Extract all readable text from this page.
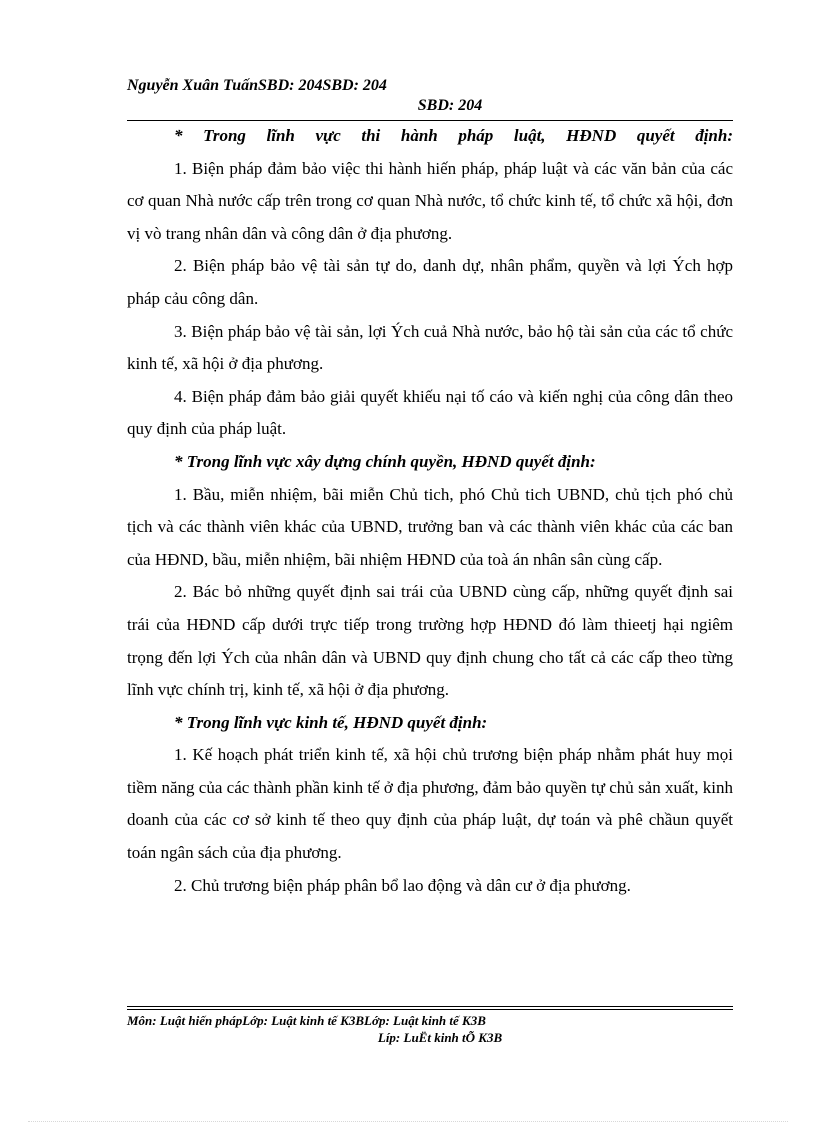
Nguyễn Xuân TuấnSBD: 204SBD: 204
SBD: 204

* Trong lĩnh vực thi hành pháp luật, HĐND quyết định:

1. Biện pháp đảm bảo việc thi hành hiến pháp, pháp luật và các văn bản của các cơ quan Nhà nước cấp trên trong cơ quan Nhà nước, tổ chức kinh tế, tổ chức xã hội, đơn vị vò trang nhân dân và công dân ở địa phương.

2. Biện pháp bảo vệ tài sản tự do, danh dự, nhân phẩm, quyền và lợi Ých hợp pháp cảu công dân.

3. Biện pháp bảo vệ tài sản, lợi Ých cuả Nhà nước, bảo hộ tài sản của các tổ chức kinh tế, xã hội ở địa phương.

4. Biện pháp đảm bảo giải quyết khiếu nại tố cáo và kiến nghị của công dân theo quy định của pháp luật.

* Trong lĩnh vực xây dựng chính quyền, HĐND quyết định:

1. Bầu, miễn nhiệm, bãi miễn Chủ tich, phó Chủ tich UBND, chủ tịch phó chủ tịch và các thành viên khác của UBND, trưởng ban và các thành viên khác của các ban của HĐND, bầu, miễn nhiệm, bãi nhiệm HĐND của toà án nhân sân cùng cấp.

2. Bác bỏ những quyết định sai trái của UBND cùng cấp, những quyết định sai trái của HĐND cấp dưới trực tiếp trong trường hợp HĐND đó làm thieetj hại ngiêm trọng đến lợi Ých của nhân dân và UBND quy định chung cho tất cả các cấp theo từng lĩnh vực chính trị, kinh tế, xã hội ở địa phương.

* Trong lĩnh vực kinh tế, HĐND quyết định:

1. Kế hoạch phát triển kinh tế, xã hội chủ trương biện pháp nhằm phát huy mọi tiềm năng của các thành phần kinh tế ở địa phương, đảm bảo quyền tự chủ sản xuất, kinh doanh của các cơ sở kinh tế theo quy định của pháp luật, dự toán và phê chầun quyết toán ngân sách của địa phương.

2. Chủ trương biện pháp phân bổ lao động và dân cư ở địa phương.

Môn: Luật hiến phápLớp: Luật kinh tế K3BLớp: Luật kinh tế K3B
Líp: LuËt kinh tÕ K3B
